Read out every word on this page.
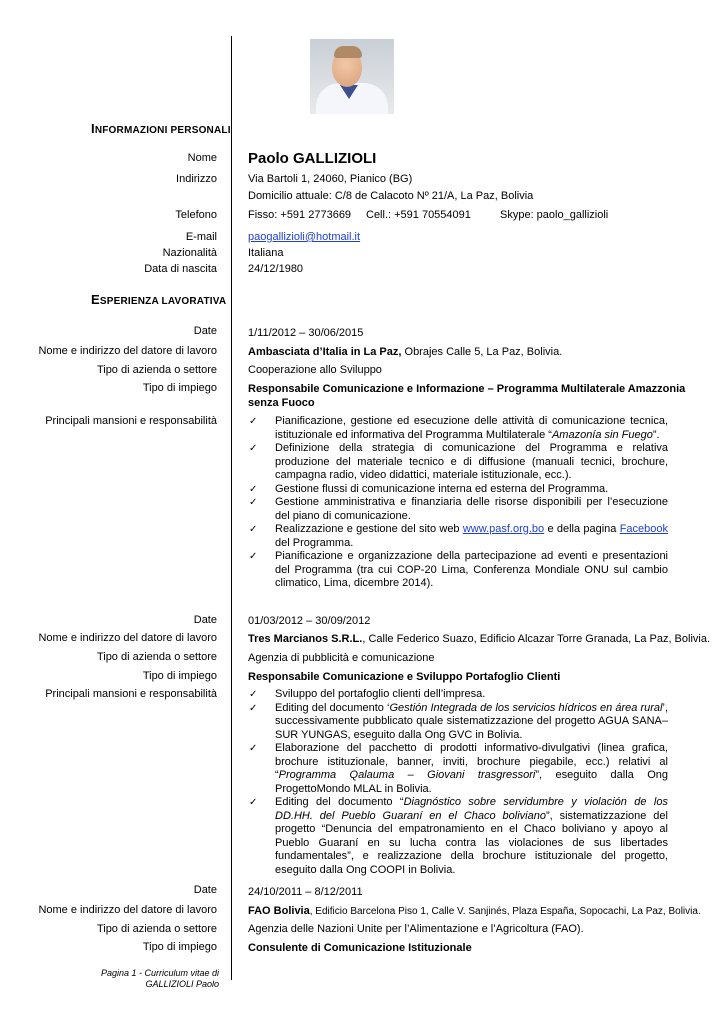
INFORMAZIONI PERSONALI
Nome Paolo GALLIZIOLI
Indirizzo	Via Bartoli 1, 24060, Pianico (BG)
Domicilio attuale: C/8 de Calacoto Nº 21/A, La Paz, Bolivia
Telefono	Fisso: +591 2773669 Cell.: +591 70554091	Skype: paolo_gallizioli
E-mail	paogallizioli@hotmail.it
Nazionalità	Italiana
Data di nascita	24/12/1980
ESPERIENZA LAVORATIVA
Date	1/11/2012 – 30/06/2015
Nome e indirizzo del datore di lavoro	Ambasciata d’Italia in La Paz, Obrajes Calle 5, La Paz, Bolivia.
Tipo di azienda o settore	Cooperazione allo Sviluppo
Tipo di impiego	Responsabile Comunicazione e Informazione – Programma Multilaterale Amazzonia
senza Fuoco
Principali mansioni e responsabilità	✓ Pianificazione, gestione ed esecuzione delle attività di comunicazione tecnica, istituzionale ed informativa del Programma Multilaterale “Amazonía sin Fuego”.
✓ Definizione della strategia di comunicazione del Programma e relativa produzione del materiale tecnico e di diffusione (manuali tecnici, brochure, campagna radio, video didattici, materiale istituzionale, ecc.).
✓ Gestione flussi di comunicazione interna ed esterna del Programma.
✓ Gestione amministrativa e finanziaria delle risorse disponibili per l’esecuzione del piano di comunicazione.
✓ Realizzazione e gestione del sito web www.pasf.org.bo e della pagina Facebook del Programma.
✓ Pianificazione e organizzazione della partecipazione ad eventi e presentazioni del Programma (tra cui COP-20 Lima, Conferenza Mondiale ONU sul cambio climatico, Lima, dicembre 2014).
Date	01/03/2012 – 30/09/2012
Nome e indirizzo del datore di lavoro	Tres Marcianos S.R.L., Calle Federico Suazo, Edificio Alcazar Torre Granada, La Paz, Bolivia.
Tipo di azienda o settore	Agenzia di pubblicità e comunicazione
Tipo di impiego	Responsabile Comunicazione e Sviluppo Portafoglio Clienti
Principali mansioni e responsabilità	✓ Sviluppo del portafoglio clienti dell’impresa.
✓ Editing del documento ‘Gestión Integrada de los servicios hídricos en área rural’, successivamente pubblicato quale sistematizzazione del progetto AGUA SANA–SUR YUNGAS, eseguito dalla Ong GVC in Bolivia.
✓ Elaborazione del pacchetto di prodotti informativo-divulgativi (linea grafica, brochure istituzionale, banner, inviti, brochure piegabile, ecc.) relativi al “Programma Qalauma – Giovani trasgressori”, eseguito dalla Ong ProgettoMondo MLAL in Bolivia.
✓ Editing del documento “Diagnóstico sobre servidumbre y violación de los DD.HH. del Pueblo Guaraní en el Chaco boliviano”, sistematizzazione del progetto “Denuncia del empatronamiento en el Chaco boliviano y apoyo al Pueblo Guaraní en su lucha contra las violaciones de sus libertades fundamentales”, e realizzazione della brochure istituzionale del progetto, eseguito dalla Ong COOPI in Bolivia.
Date	24/10/2011 – 8/12/2011
Nome e indirizzo del datore di lavoro	FAO Bolivia, Edificio Barcelona Piso 1, Calle V. Sanjinés, Plaza España, Sopocachi, La Paz, Bolivia.
Tipo di azienda o settore	Agenzia delle Nazioni Unite per l’Alimentazione e l’Agricoltura (FAO).
Tipo di impiego	Consulente di Comunicazione Istituzionale
Pagina 1 - Curriculum vitae di
GALLIZIOLI Paolo
